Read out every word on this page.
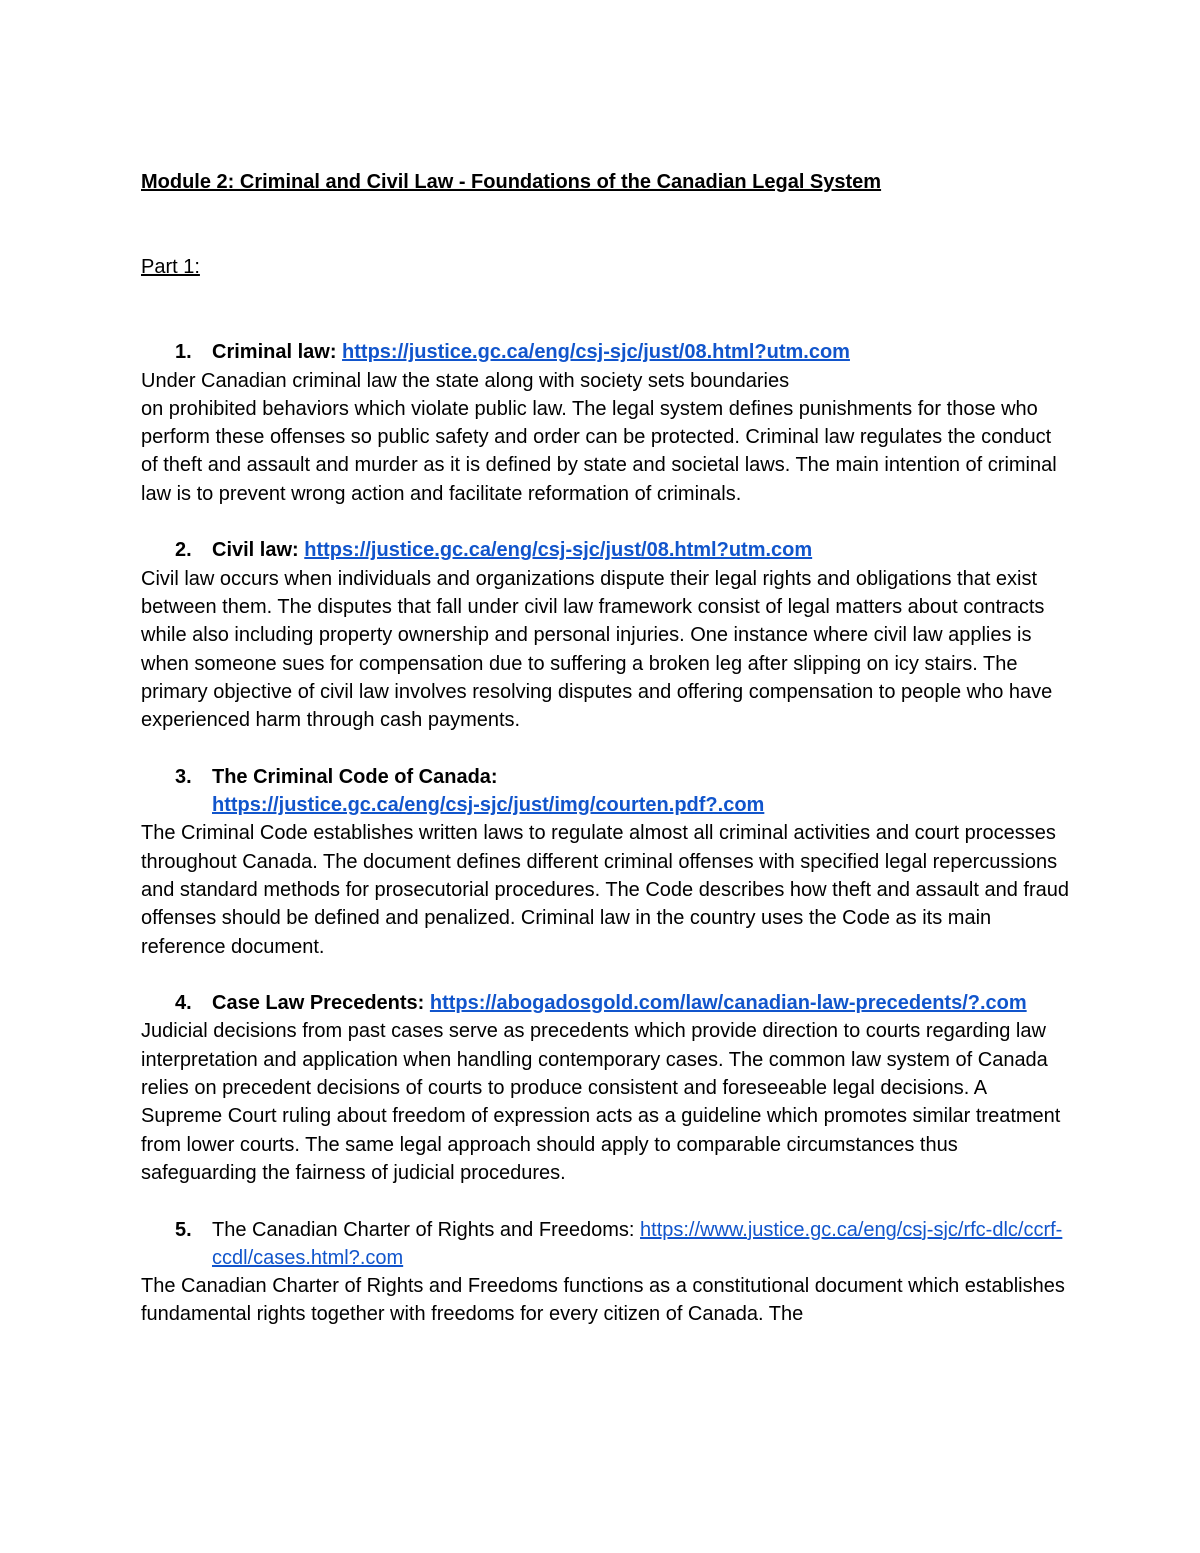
Module 2: Criminal and Civil Law - Foundations of the Canadian Legal System

Part 1:

1. Criminal law: https://justice.gc.ca/eng/csj-sjc/just/08.html?utm.com

Under Canadian criminal law the state along with society sets boundaries
on prohibited behaviors which violate public law. The legal system defines punishments for those who perform these offenses so public safety and order can be protected. Criminal law regulates the conduct of theft and assault and murder as it is defined by state and societal laws. The main intention of criminal law is to prevent wrong action and facilitate reformation of criminals.

2. Civil law: https://justice.gc.ca/eng/csj-sjc/just/08.html?utm.com

Civil law occurs when individuals and organizations dispute their legal rights and obligations that exist between them. The disputes that fall under civil law framework consist of legal matters about contracts while also including property ownership and personal injuries. One instance where civil law applies is when someone sues for compensation due to suffering a broken leg after slipping on icy stairs. The primary objective of civil law involves resolving disputes and offering compensation to people who have experienced harm through cash payments.

3. The Criminal Code of Canada:
https://justice.gc.ca/eng/csj-sjc/just/img/courten.pdf?.com

The Criminal Code establishes written laws to regulate almost all criminal activities and court processes throughout Canada. The document defines different criminal offenses with specified legal repercussions and standard methods for prosecutorial procedures. The Code describes how theft and assault and fraud offenses should be defined and penalized. Criminal law in the country uses the Code as its main reference document.

4. Case Law Precedents: https://abogadosgold.com/law/canadian-law-precedents/?.com

Judicial decisions from past cases serve as precedents which provide direction to courts regarding law interpretation and application when handling contemporary cases. The common law system of Canada relies on precedent decisions of courts to produce consistent and foreseeable legal decisions. A Supreme Court ruling about freedom of expression acts as a guideline which promotes similar treatment from lower courts. The same legal approach should apply to comparable circumstances thus safeguarding the fairness of judicial procedures.

5. The Canadian Charter of Rights and Freedoms: https://www.justice.gc.ca/eng/csj-sjc/rfc-dlc/ccrf-ccdl/cases.html?.com

The Canadian Charter of Rights and Freedoms functions as a constitutional document which establishes fundamental rights together with freedoms for every citizen of Canada. The
